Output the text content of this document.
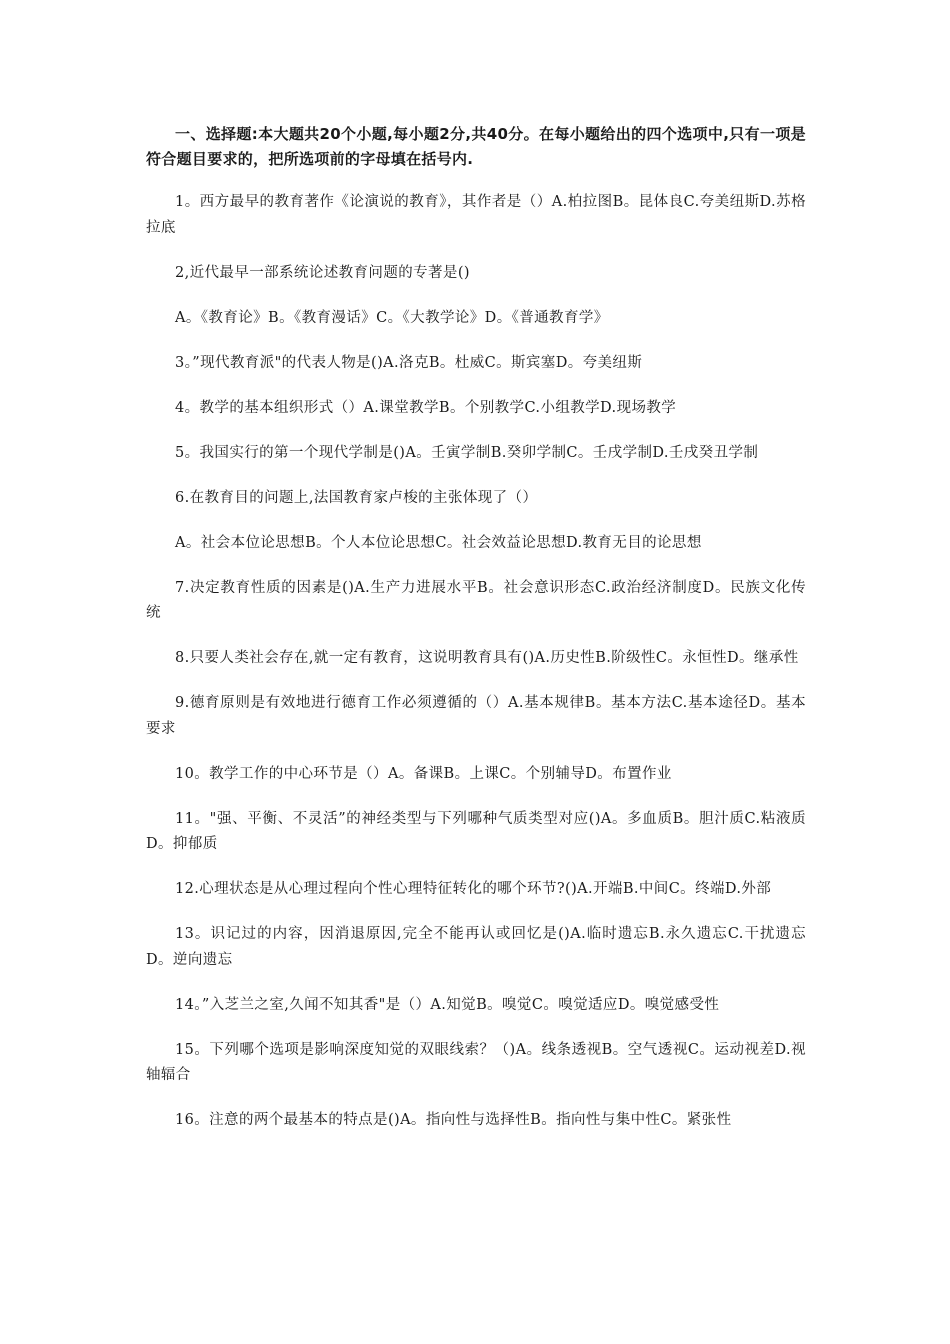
一、选择题:本大题共20个小题,每小题2分,共40分。在每小题给出的四个选项中,只有一项是符合题目要求的，把所选项前的字母填在括号内.

1。西方最早的教育著作《论演说的教育》，其作者是（）A.柏拉图B。昆体良C.夸美纽斯D.苏格拉底

2,近代最早一部系统论述教育问题的专著是()

A。《教育论》B。《教育漫话》C。《大教学论》D。《普通教育学》

3。”现代教育派"的代表人物是()A.洛克B。杜威C。斯宾塞D。夸美纽斯

4。教学的基本组织形式（）A.课堂教学B。个别教学C.小组教学D.现场教学

5。我国实行的第一个现代学制是()A。壬寅学制B.癸卯学制C。壬戌学制D.壬戌癸丑学制

6.在教育目的问题上,法国教育家卢梭的主张体现了（）

A。社会本位论思想B。个人本位论思想C。社会效益论思想D.教育无目的论思想

7.决定教育性质的因素是()A.生产力进展水平B。社会意识形态C.政治经济制度D。民族文化传统

8.只要人类社会存在,就一定有教育，这说明教育具有()A.历史性B.阶级性C。永恒性D。继承性

9.德育原则是有效地进行德育工作必须遵循的（）A.基本规律B。基本方法C.基本途径D。基本要求

10。教学工作的中心环节是（）A。备课B。上课C。个别辅导D。布置作业

11。"强、平衡、不灵活”的神经类型与下列哪种气质类型对应()A。多血质B。胆汁质C.粘液质D。抑郁质

12.心理状态是从心理过程向个性心理特征转化的哪个环节?()A.开端B.中间C。终端D.外部

13。识记过的内容，因消退原因,完全不能再认或回忆是()A.临时遗忘B.永久遗忘C.干扰遗忘D。逆向遗忘

14。”入芝兰之室,久闻不知其香"是（）A.知觉B。嗅觉C。嗅觉适应D。嗅觉感受性

15。下列哪个选项是影响深度知觉的双眼线索？（)A。线条透视B。空气透视C。运动视差D.视轴辐合

16。注意的两个最基本的特点是()A。指向性与选择性B。指向性与集中性C。紧张性
